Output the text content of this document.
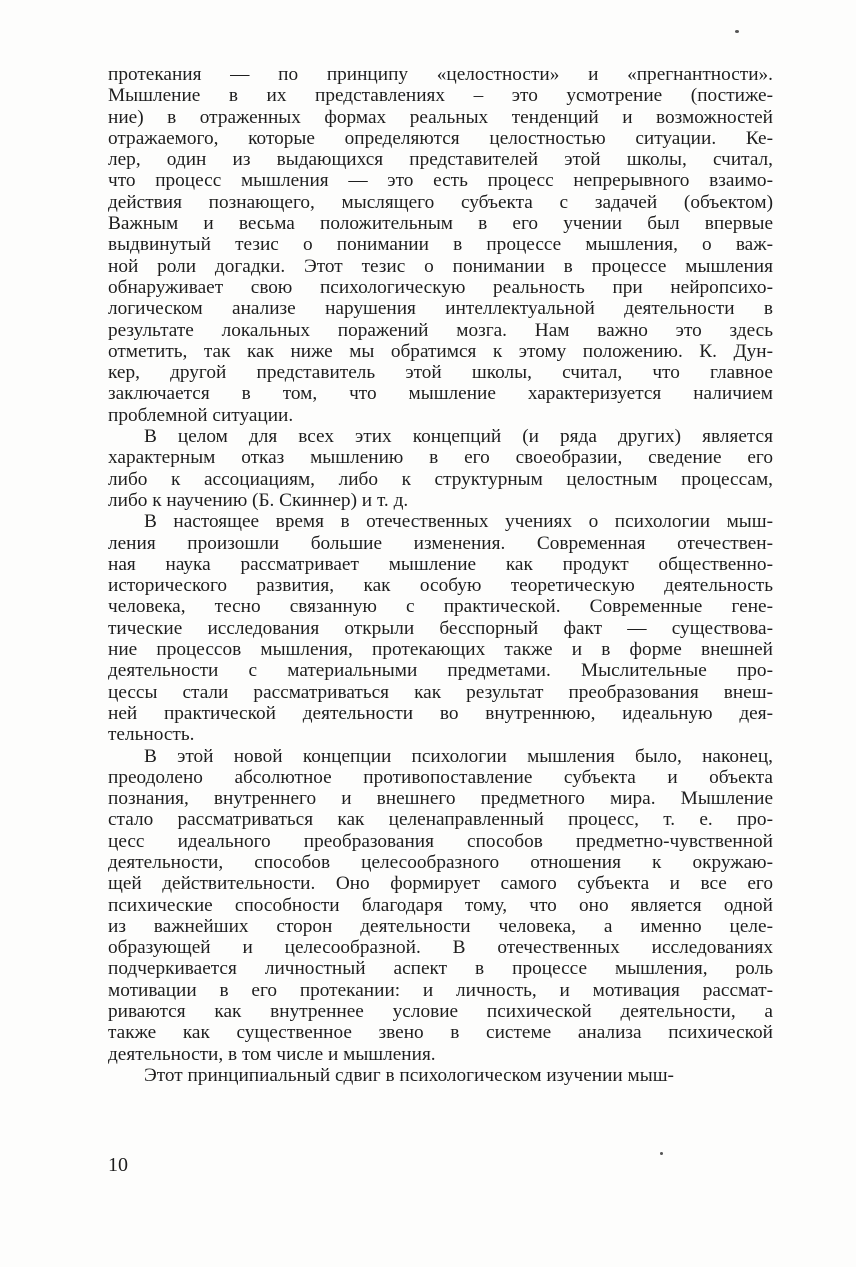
протекания — по принципу «целостности» и «прегнантности».
Мышление в их представлениях – это усмотрение (постиже-
ние) в отраженных формах реальных тенденций и возможностей
отражаемого, которые определяются целостностью ситуации. Ке-
лер, один из выдающихся представителей этой школы, считал,
что процесс мышления — это есть процесс непрерывного взаимо-
действия познающего, мыслящего субъекта с задачей (объектом)
Важным и весьма положительным в его учении был впервые
выдвинутый тезис о понимании в процессе мышления, о важ-
ной роли догадки. Этот тезис о понимании в процессе мышления
обнаруживает свою психологическую реальность при нейропсихо-
логическом анализе нарушения интеллектуальной деятельности в
результате локальных поражений мозга. Нам важно это здесь
отметить, так как ниже мы обратимся к этому положению. К. Дун-
кер, другой представитель этой школы, считал, что главное
заключается в том, что мышление характеризуется наличием
проблемной ситуации.
В целом для всех этих концепций (и ряда других) является
характерным отказ мышлению в его своеобразии, сведение его
либо к ассоциациям, либо к структурным целостным процессам,
либо к научению (Б. Скиннер) и т. д.
В настоящее время в отечественных учениях о психологии мыш-
ления произошли большие изменения. Современная отечествен-
ная наука рассматривает мышление как продукт общественно-
исторического развития, как особую теоретическую деятельность
человека, тесно связанную с практической. Современные гене-
тические исследования открыли бесспорный факт — существова-
ние процессов мышления, протекающих также и в форме внешней
деятельности с материальными предметами. Мыслительные про-
цессы стали рассматриваться как результат преобразования внеш-
ней практической деятельности во внутреннюю, идеальную дея-
тельность.
В этой новой концепции психологии мышления было, наконец,
преодолено абсолютное противопоставление субъекта и объекта
познания, внутреннего и внешнего предметного мира. Мышление
стало рассматриваться как целенаправленный процесс, т. е. про-
цесс идеального преобразования способов предметно-чувственной
деятельности, способов целесообразного отношения к окружаю-
щей действительности. Оно формирует самого субъекта и все его
психические способности благодаря тому, что оно является одной
из важнейших сторон деятельности человека, а именно целе-
образующей и целесообразной. В отечественных исследованиях
подчеркивается личностный аспект в процессе мышления, роль
мотивации в его протекании: и личность, и мотивация рассмат-
риваются как внутреннее условие психической деятельности, а
также как существенное звено в системе анализа психической
деятельности, в том числе и мышления.
Этот принципиальный сдвиг в психологическом изучении мыш-
10
